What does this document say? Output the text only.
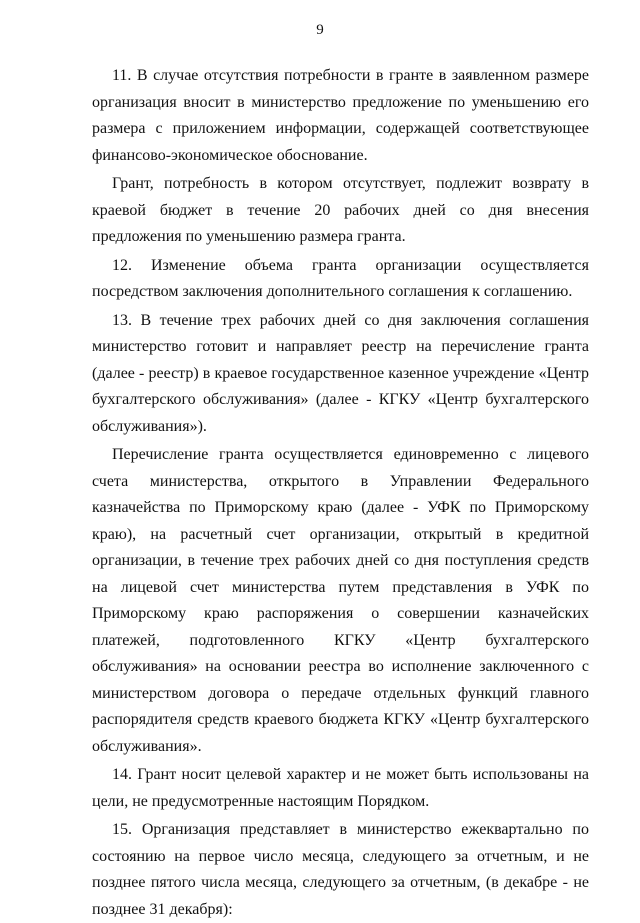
9

11. В случае отсутствия потребности в гранте в заявленном размере организация вносит в министерство предложение по уменьшению его размера с приложением информации, содержащей соответствующее финансово-экономическое обоснование.

Грант, потребность в котором отсутствует, подлежит возврату в краевой бюджет в течение 20 рабочих дней со дня внесения предложения по уменьшению размера гранта.

12. Изменение объема гранта организации осуществляется посредством заключения дополнительного соглашения к соглашению.

13. В течение трех рабочих дней со дня заключения соглашения министерство готовит и направляет реестр на перечисление гранта (далее - реестр) в краевое государственное казенное учреждение «Центр бухгалтерского обслуживания» (далее - КГКУ «Центр бухгалтерского обслуживания»).

Перечисление гранта осуществляется единовременно с лицевого счета министерства, открытого в Управлении Федерального казначейства по Приморскому краю (далее - УФК по Приморскому краю), на расчетный счет организации, открытый в кредитной организации, в течение трех рабочих дней со дня поступления средств на лицевой счет министерства путем представления в УФК по Приморскому краю распоряжения о совершении казначейских платежей, подготовленного КГКУ «Центр бухгалтерского обслуживания» на основании реестра во исполнение заключенного с министерством договора о передаче отдельных функций главного распорядителя средств краевого бюджета КГКУ «Центр бухгалтерского обслуживания».

14. Грант носит целевой характер и не может быть использованы на цели, не предусмотренные настоящим Порядком.

15. Организация представляет в министерство ежеквартально по состоянию на первое число месяца, следующего за отчетным, и не позднее пятого числа месяца, следующего за отчетным, (в декабре - не позднее 31 декабря):
